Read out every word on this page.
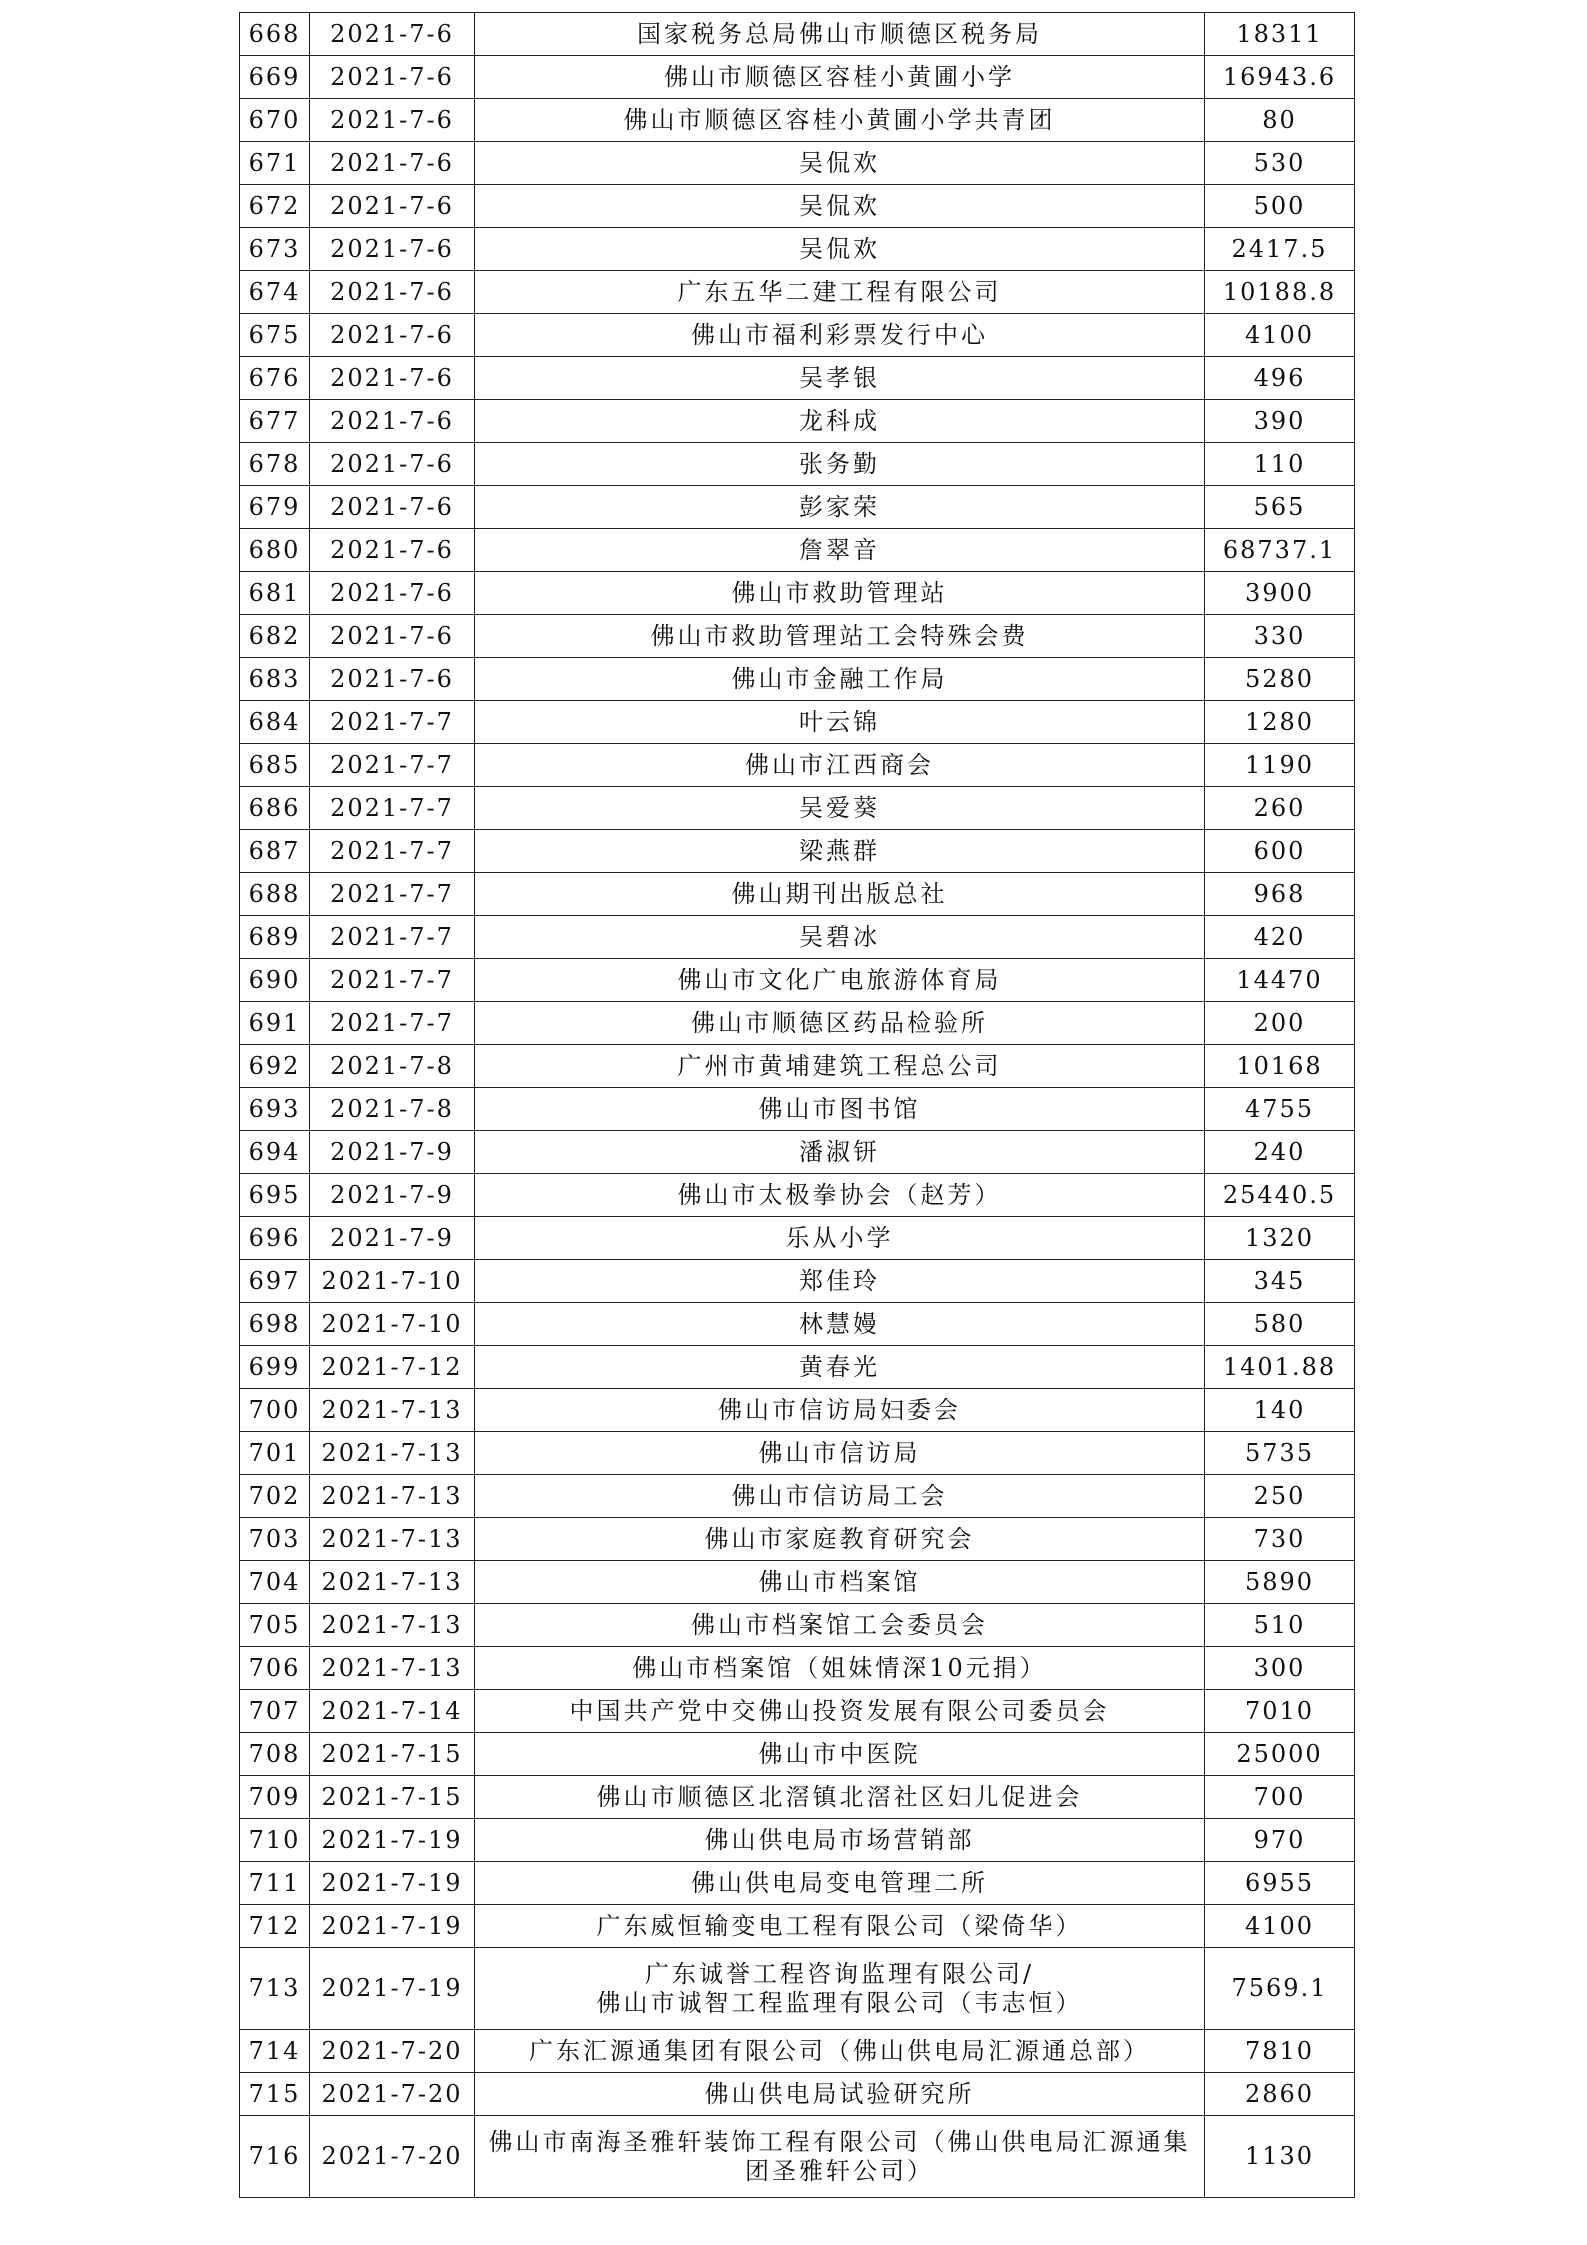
668	2021-7-6	国家税务总局佛山市顺德区税务局	18311
669	2021-7-6	佛山市顺德区容桂小黄圃小学	16943.6
670	2021-7-6	佛山市顺德区容桂小黄圃小学共青团	80
671	2021-7-6	吴侃欢	530
672	2021-7-6	吴侃欢	500
673	2021-7-6	吴侃欢	2417.5
674	2021-7-6	广东五华二建工程有限公司	10188.8
675	2021-7-6	佛山市福利彩票发行中心	4100
676	2021-7-6	吴孝银	496
677	2021-7-6	龙科成	390
678	2021-7-6	张务勤	110
679	2021-7-6	彭家荣	565
680	2021-7-6	詹翠音	68737.1
681	2021-7-6	佛山市救助管理站	3900
682	2021-7-6	佛山市救助管理站工会特殊会费	330
683	2021-7-6	佛山市金融工作局	5280
684	2021-7-7	叶云锦	1280
685	2021-7-7	佛山市江西商会	1190
686	2021-7-7	吴爱葵	260
687	2021-7-7	梁燕群	600
688	2021-7-7	佛山期刊出版总社	968
689	2021-7-7	吴碧冰	420
690	2021-7-7	佛山市文化广电旅游体育局	14470
691	2021-7-7	佛山市顺德区药品检验所	200
692	2021-7-8	广州市黄埔建筑工程总公司	10168
693	2021-7-8	佛山市图书馆	4755
694	2021-7-9	潘淑钘	240
695	2021-7-9	佛山市太极拳协会（赵芳）	25440.5
696	2021-7-9	乐从小学	1320
697	2021-7-10	郑佳玲	345
698	2021-7-10	林慧嫚	580
699	2021-7-12	黄春光	1401.88
700	2021-7-13	佛山市信访局妇委会	140
701	2021-7-13	佛山市信访局	5735
702	2021-7-13	佛山市信访局工会	250
703	2021-7-13	佛山市家庭教育研究会	730
704	2021-7-13	佛山市档案馆	5890
705	2021-7-13	佛山市档案馆工会委员会	510
706	2021-7-13	佛山市档案馆（姐妹情深10元捐）	300
707	2021-7-14	中国共产党中交佛山投资发展有限公司委员会	7010
708	2021-7-15	佛山市中医院	25000
709	2021-7-15	佛山市顺德区北滘镇北滘社区妇儿促进会	700
710	2021-7-19	佛山供电局市场营销部	970
711	2021-7-19	佛山供电局变电管理二所	6955
712	2021-7-19	广东威恒输变电工程有限公司（梁倚华）	4100
713	2021-7-19	广东诚誉工程咨询监理有限公司/
佛山市诚智工程监理有限公司（韦志恒）	7569.1
714	2021-7-20	广东汇源通集团有限公司（佛山供电局汇源通总部）	7810
715	2021-7-20	佛山供电局试验研究所	2860
716	2021-7-20	佛山市南海圣雅轩装饰工程有限公司（佛山供电局汇源通集团圣雅轩公司）	1130
